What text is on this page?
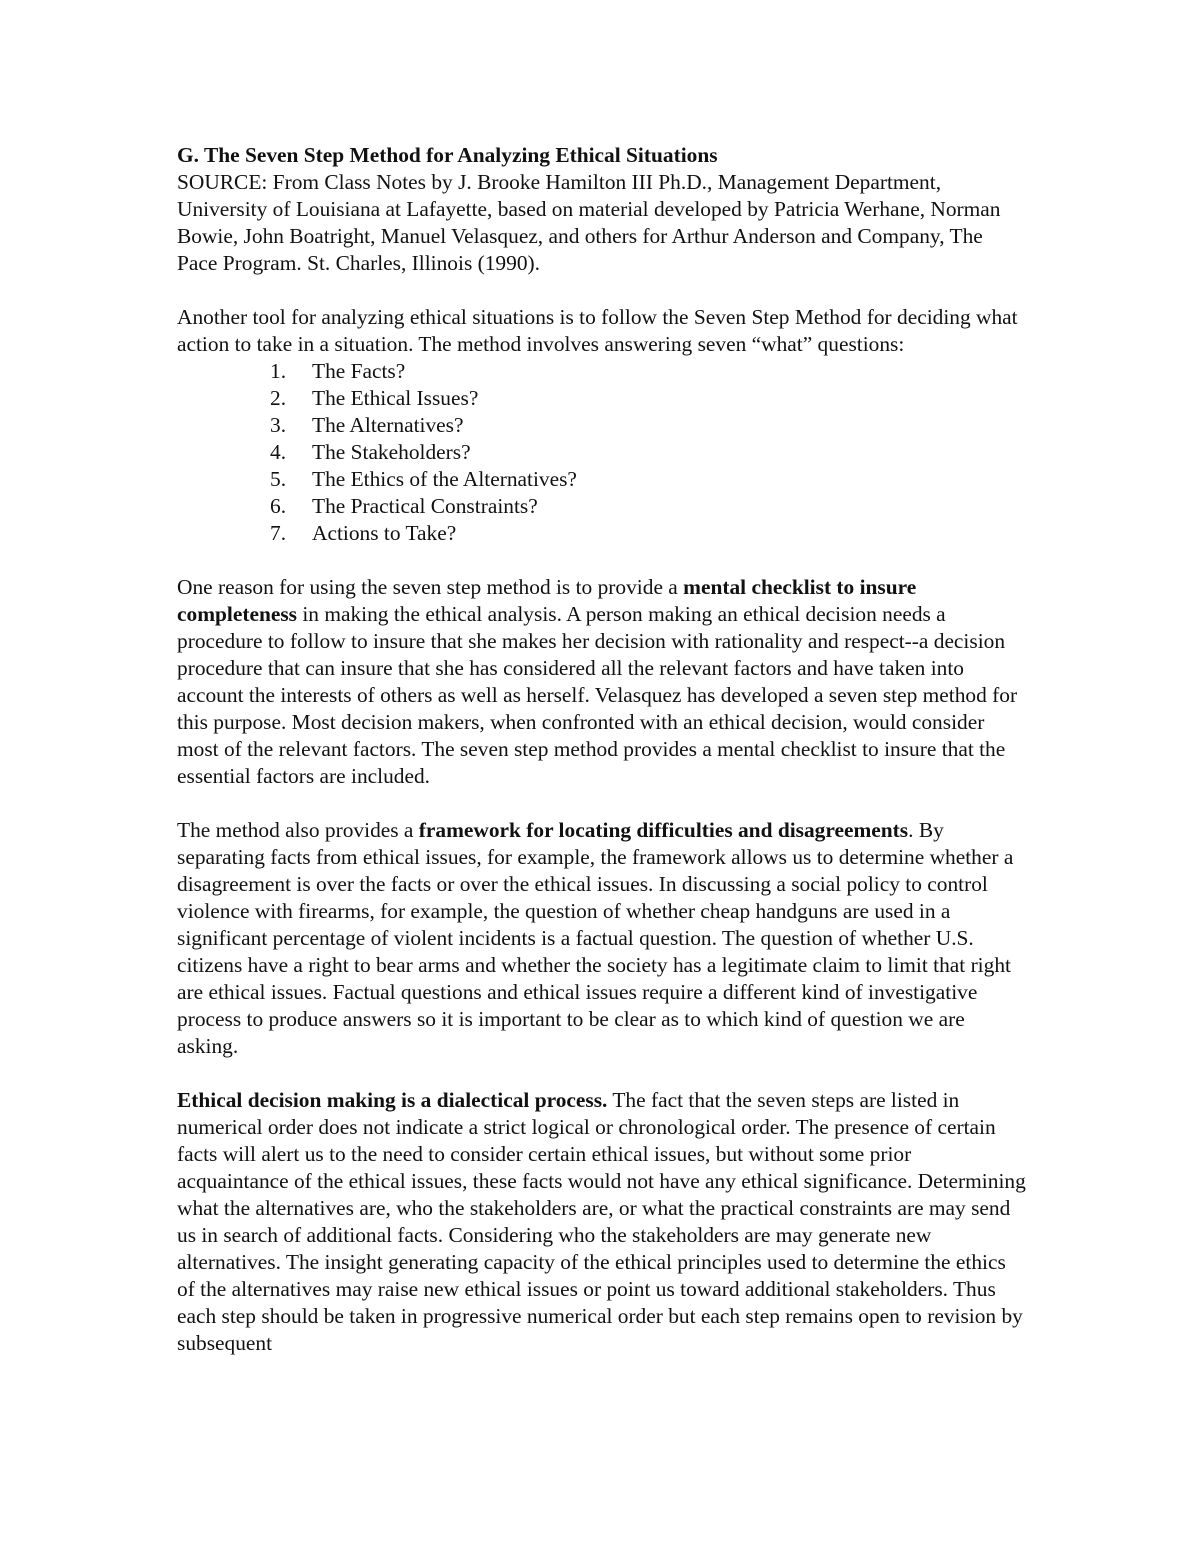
G. The Seven Step Method for Analyzing Ethical Situations

SOURCE: From Class Notes by J. Brooke Hamilton III Ph.D., Management Department, University of Louisiana at Lafayette, based on material developed by Patricia Werhane, Norman Bowie, John Boatright, Manuel Velasquez, and others for Arthur Anderson and Company, The Pace Program. St. Charles, Illinois (1990).

Another tool for analyzing ethical situations is to follow the Seven Step Method for deciding what action to take in a situation. The method involves answering seven “what” questions:

1. The Facts?
2. The Ethical Issues?
3. The Alternatives?
4. The Stakeholders?
5. The Ethics of the Alternatives?
6. The Practical Constraints?
7. Actions to Take?

One reason for using the seven step method is to provide a mental checklist to insure completeness in making the ethical analysis. A person making an ethical decision needs a procedure to follow to insure that she makes her decision with rationality and respect--a decision procedure that can insure that she has considered all the relevant factors and have taken into account the interests of others as well as herself. Velasquez has developed a seven step method for this purpose. Most decision makers, when confronted with an ethical decision, would consider most of the relevant factors. The seven step method provides a mental checklist to insure that the essential factors are included.

The method also provides a framework for locating difficulties and disagreements. By separating facts from ethical issues, for example, the framework allows us to determine whether a disagreement is over the facts or over the ethical issues. In discussing a social policy to control violence with firearms, for example, the question of whether cheap handguns are used in a significant percentage of violent incidents is a factual question. The question of whether U.S. citizens have a right to bear arms and whether the society has a legitimate claim to limit that right are ethical issues. Factual questions and ethical issues require a different kind of investigative process to produce answers so it is important to be clear as to which kind of question we are asking.

Ethical decision making is a dialectical process. The fact that the seven steps are listed in numerical order does not indicate a strict logical or chronological order. The presence of certain facts will alert us to the need to consider certain ethical issues, but without some prior acquaintance of the ethical issues, these facts would not have any ethical significance. Determining what the alternatives are, who the stakeholders are, or what the practical constraints are may send us in search of additional facts. Considering who the stakeholders are may generate new alternatives. The insight generating capacity of the ethical principles used to determine the ethics of the alternatives may raise new ethical issues or point us toward additional stakeholders. Thus each step should be taken in progressive numerical order but each step remains open to revision by subsequent
